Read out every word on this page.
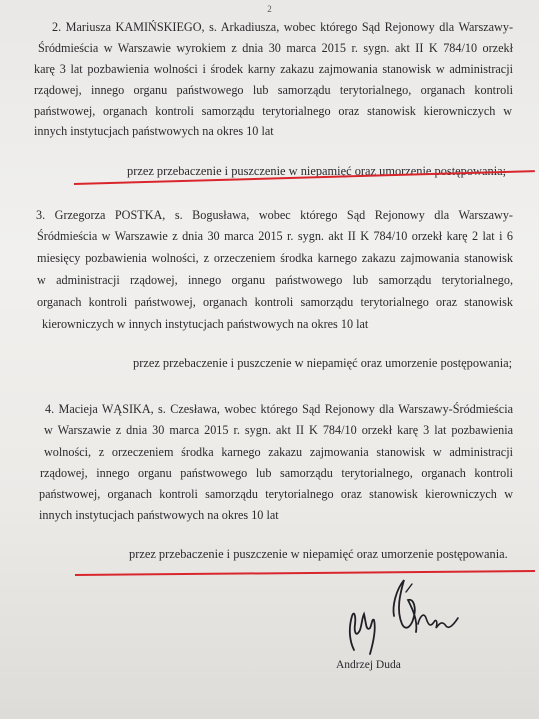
2
2. Mariusza KAMIŃSKIEGO, s. Arkadiusza, wobec którego Sąd Rejonowy dla Warszawy-
Śródmieścia w Warszawie wyrokiem z dnia 30 marca 2015 r. sygn. akt II K 784/10 orzekł
karę 3 lat pozbawienia wolności i środek karny zakazu zajmowania stanowisk w administracji
rządowej, innego organu państwowego lub samorządu terytorialnego, organach kontroli
państwowej, organach kontroli samorządu terytorialnego oraz stanowisk kierowniczych w
innych instytucjach państwowych na okres 10 lat
przez przebaczenie i puszczenie w niepamięć oraz umorzenie postępowania;
3. Grzegorza POSTKA, s. Bogusława, wobec którego Sąd Rejonowy dla Warszawy-
Śródmieścia w Warszawie z dnia 30 marca 2015 r. sygn. akt II K 784/10 orzekł karę 2 lat i 6
miesięcy pozbawienia wolności, z orzeczeniem środka karnego zakazu zajmowania stanowisk
w administracji rządowej, innego organu państwowego lub samorządu terytorialnego,
organach kontroli państwowej, organach kontroli samorządu terytorialnego oraz stanowisk
kierowniczych w innych instytucjach państwowych na okres 10 lat
przez przebaczenie i puszczenie w niepamięć oraz umorzenie postępowania;
4. Macieja WĄSIKA, s. Czesława, wobec którego Sąd Rejonowy dla Warszawy-Śródmieścia
w Warszawie z dnia 30 marca 2015 r. sygn. akt II K 784/10 orzekł karę 3 lat pozbawienia
wolności, z orzeczeniem środka karnego zakazu zajmowania stanowisk w administracji
rządowej, innego organu państwowego lub samorządu terytorialnego, organach kontroli
państwowej, organach kontroli samorządu terytorialnego oraz stanowisk kierowniczych w
innych instytucjach państwowych na okres 10 lat
przez przebaczenie i puszczenie w niepamięć oraz umorzenie postępowania.
Andrzej Duda
